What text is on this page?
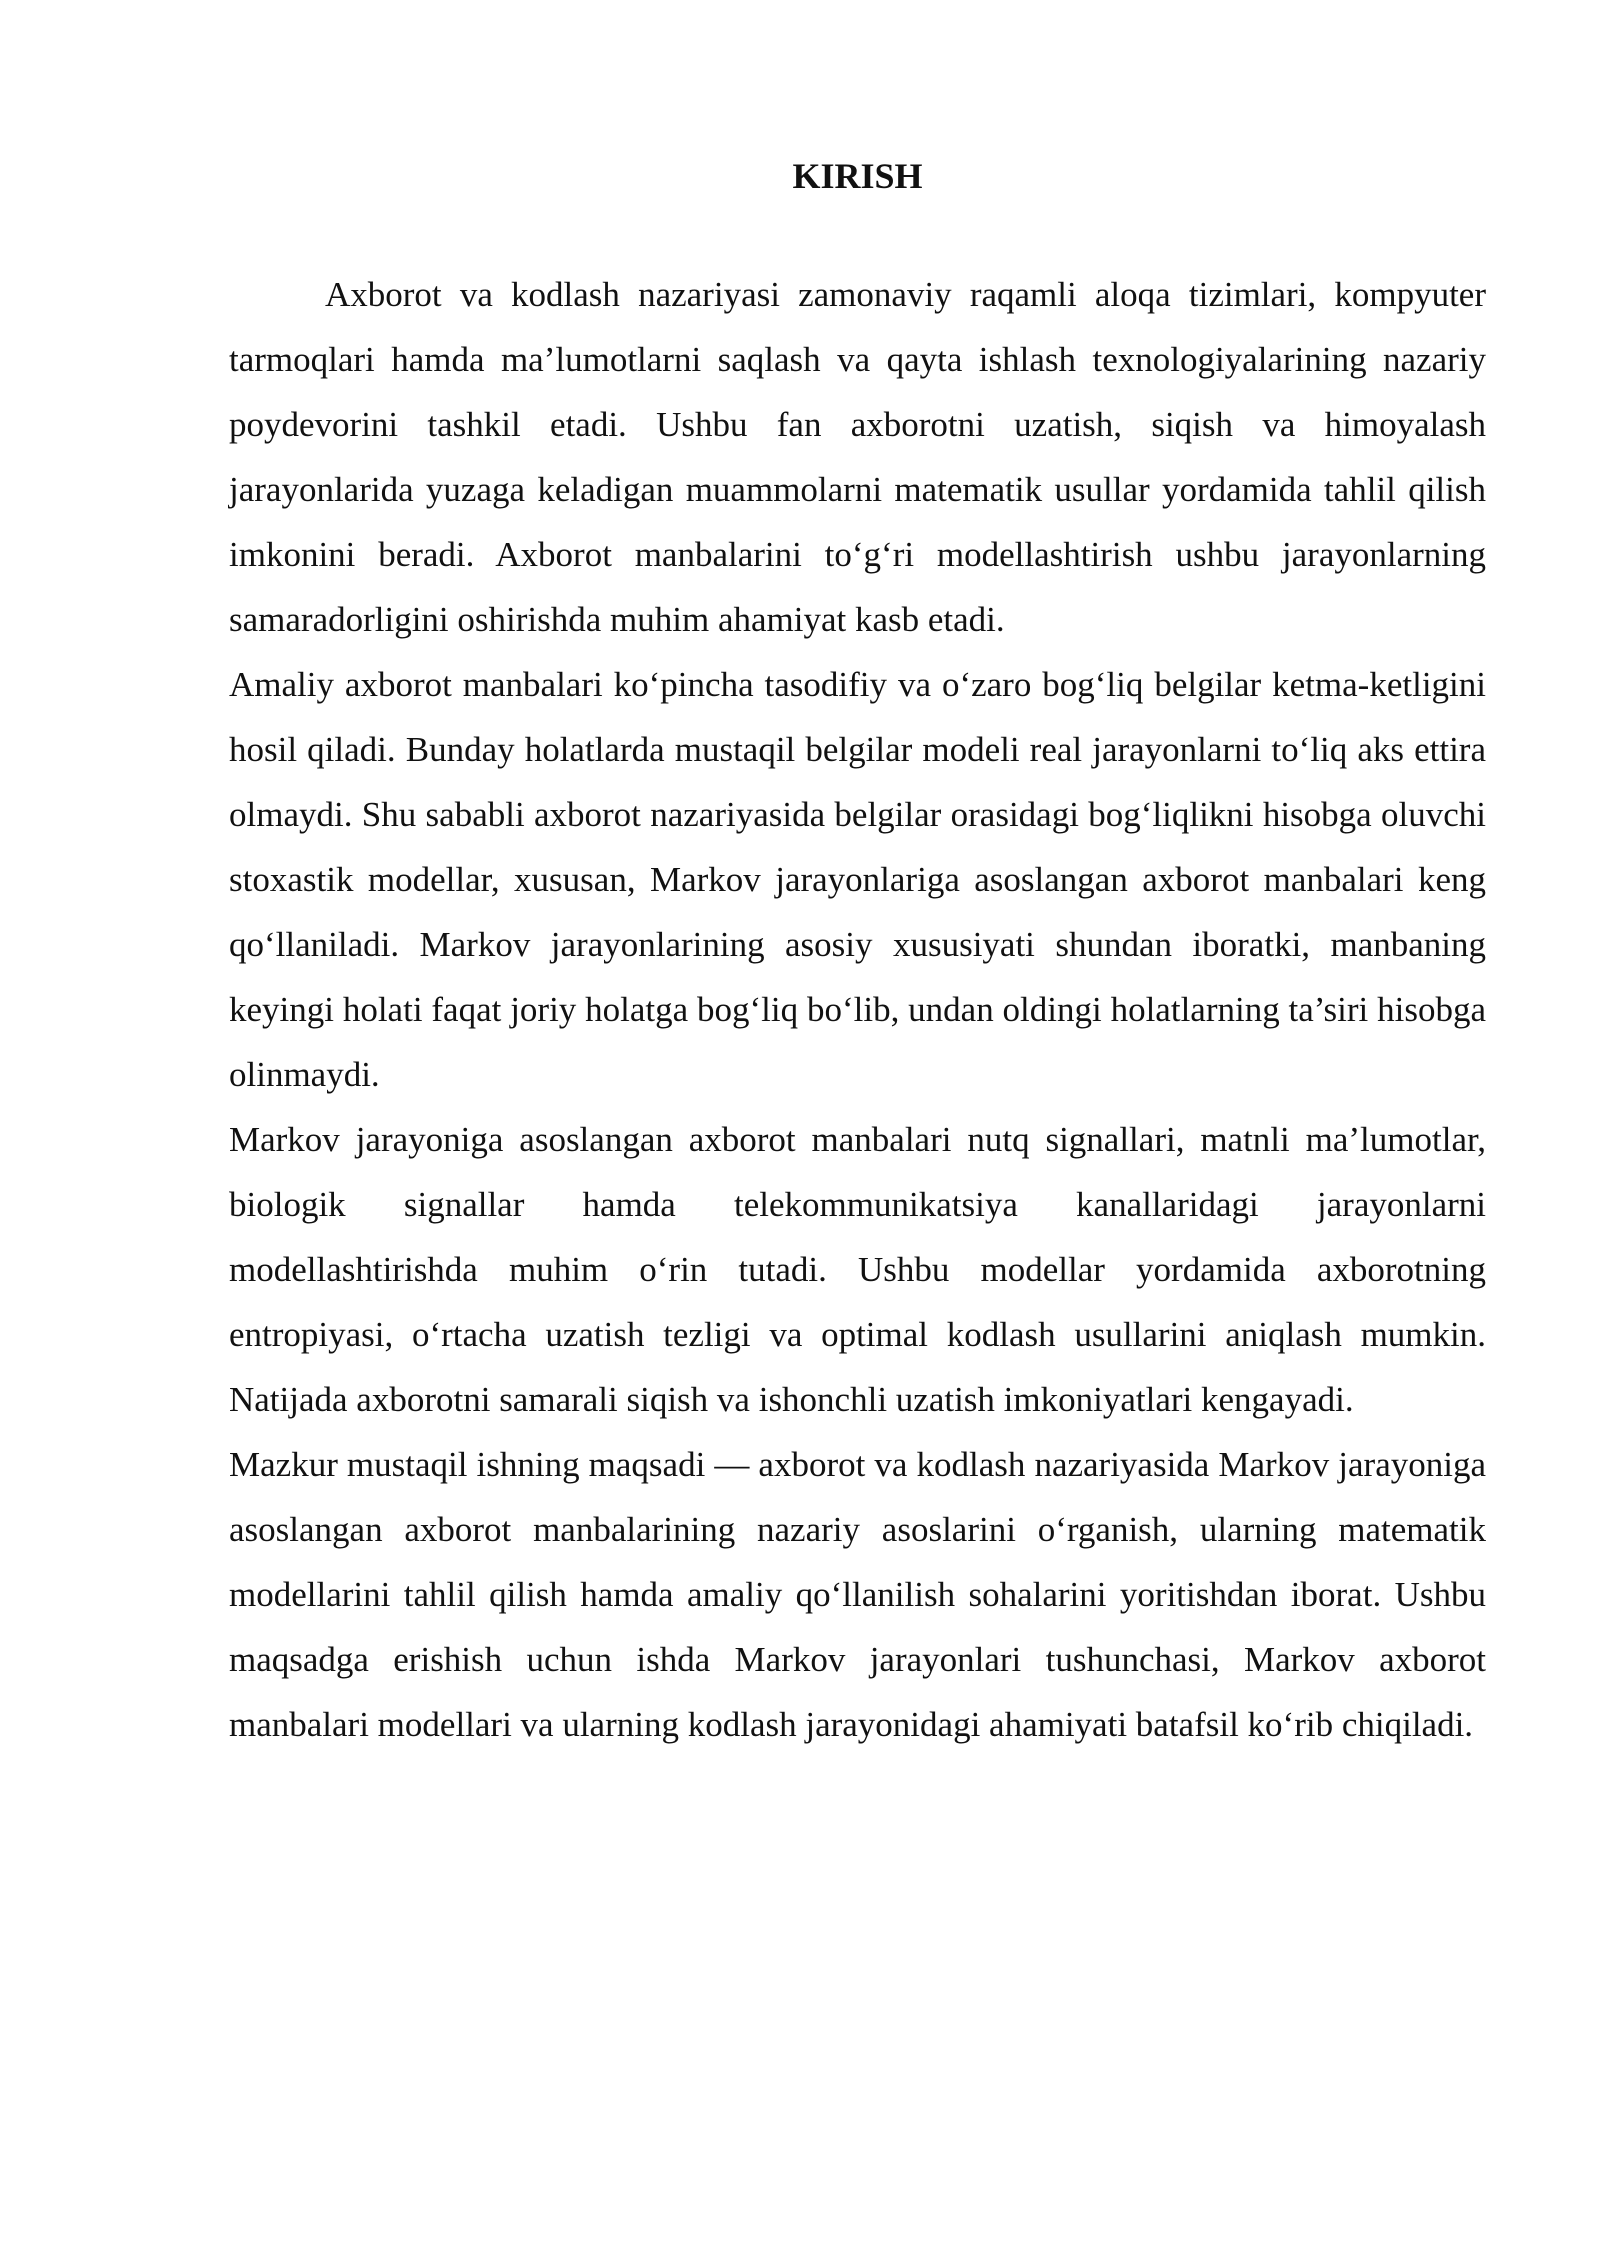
KIRISH

Axborot va kodlash nazariyasi zamonaviy raqamli aloqa tizimlari, kompyuter tarmoqlari hamda ma’lumotlarni saqlash va qayta ishlash texnologiyalarining nazariy poydevorini tashkil etadi. Ushbu fan axborotni uzatish, siqish va himoyalash jarayonlarida yuzaga keladigan muammolarni matematik usullar yordamida tahlil qilish imkonini beradi. Axborot manbalarini to‘g‘ri modellashtirish ushbu jarayonlarning samaradorligini oshirishda muhim ahamiyat kasb etadi.

Amaliy axborot manbalari ko‘pincha tasodifiy va o‘zaro bog‘liq belgilar ketma-ketligini hosil qiladi. Bunday holatlarda mustaqil belgilar modeli real jarayonlarni to‘liq aks ettira olmaydi. Shu sababli axborot nazariyasida belgilar orasidagi bog‘liqlikni hisobga oluvchi stoxastik modellar, xususan, Markov jarayonlariga asoslangan axborot manbalari keng qo‘llaniladi. Markov jarayonlarining asosiy xususiyati shundan iboratki, manbaning keyingi holati faqat joriy holatga bog‘liq bo‘lib, undan oldingi holatlarning ta’siri hisobga olinmaydi.

Markov jarayoniga asoslangan axborot manbalari nutq signallari, matnli ma’lumotlar, biologik signallar hamda telekommunikatsiya kanallaridagi jarayonlarni modellashtirishda muhim o‘rin tutadi. Ushbu modellar yordamida axborotning entropiyasi, o‘rtacha uzatish tezligi va optimal kodlash usullarini aniqlash mumkin. Natijada axborotni samarali siqish va ishonchli uzatish imkoniyatlari kengayadi.

Mazkur mustaqil ishning maqsadi — axborot va kodlash nazariyasida Markov jarayoniga asoslangan axborot manbalarining nazariy asoslarini o‘rganish, ularning matematik modellarini tahlil qilish hamda amaliy qo‘llanilish sohalarini yoritishdan iborat. Ushbu maqsadga erishish uchun ishda Markov jarayonlari tushunchasi, Markov axborot manbalari modellari va ularning kodlash jarayonidagi ahamiyati batafsil ko‘rib chiqiladi.
